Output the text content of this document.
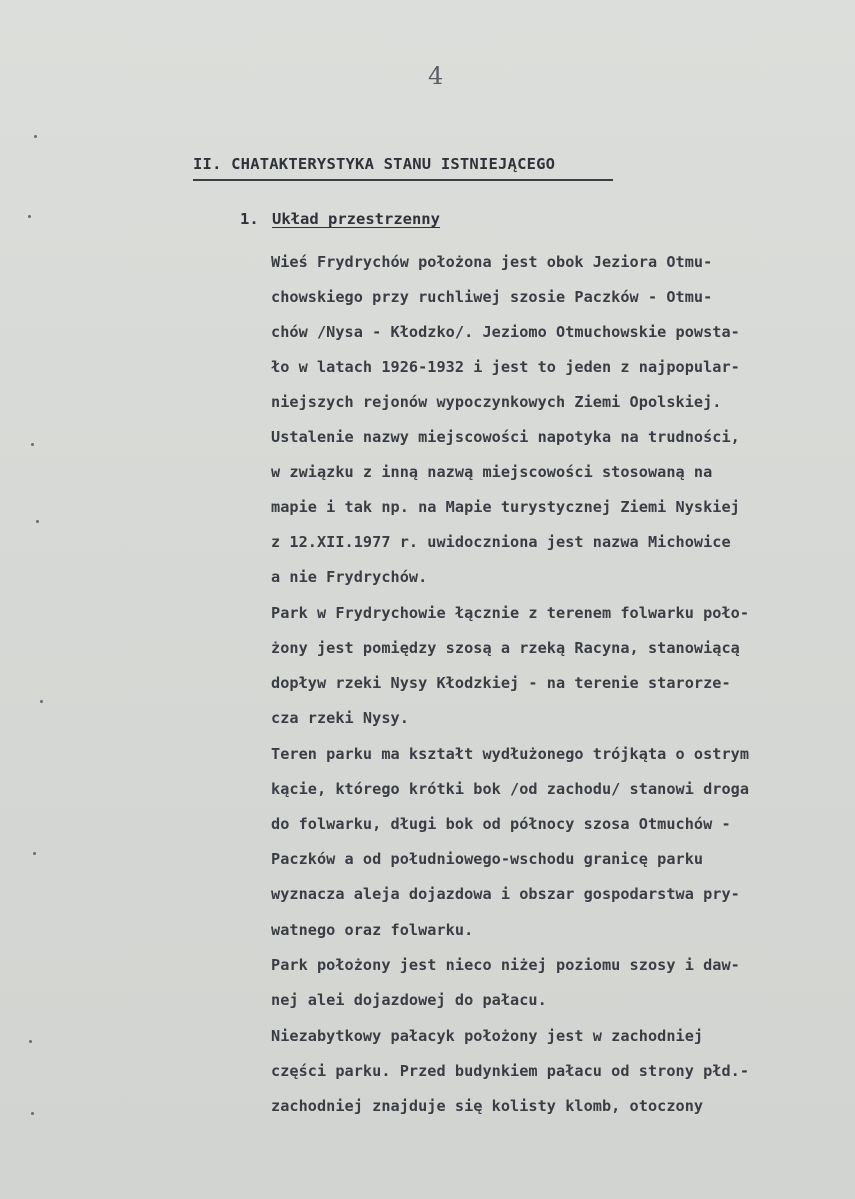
4
II. CHATAKTERYSTYKA STANU ISTNIEJĄCEGO
1. Układ przestrzenny
Wieś Frydrychów położona jest obok Jeziora Otmu-
chowskiego przy ruchliwej szosie Paczków - Otmu-
chów /Nysa - Kłodzko/. Jeziomo Otmuchowskie powsta-
ło w latach 1926-1932 i jest to jeden z najpopular-
niejszych rejonów wypoczynkowych Ziemi Opolskiej.
Ustalenie nazwy miejscowości napotyka na trudności,
w związku z inną nazwą miejscowości stosowaną na
mapie i tak np. na Mapie turystycznej Ziemi Nyskiej
z 12.XII.1977 r. uwidoczniona jest nazwa Michowice
a nie Frydrychów.
Park w Frydrychowie łącznie z terenem folwarku poło-
żony jest pomiędzy szosą a rzeką Racyna, stanowiącą
dopływ rzeki Nysy Kłodzkiej - na terenie starorze-
cza rzeki Nysy.
Teren parku ma kształt wydłużonego trójkąta o ostrym
kącie, którego krótki bok /od zachodu/ stanowi droga
do folwarku, długi bok od północy szosa Otmuchów -
Paczków a od południowego-wschodu granicę parku
wyznacza aleja dojazdowa i obszar gospodarstwa pry-
watnego oraz folwarku.
Park położony jest nieco niżej poziomu szosy i daw-
nej alei dojazdowej do pałacu.
Niezabytkowy pałacyk położony jest w zachodniej
części parku. Przed budynkiem pałacu od strony płd.-
zachodniej znajduje się kolisty klomb, otoczony
